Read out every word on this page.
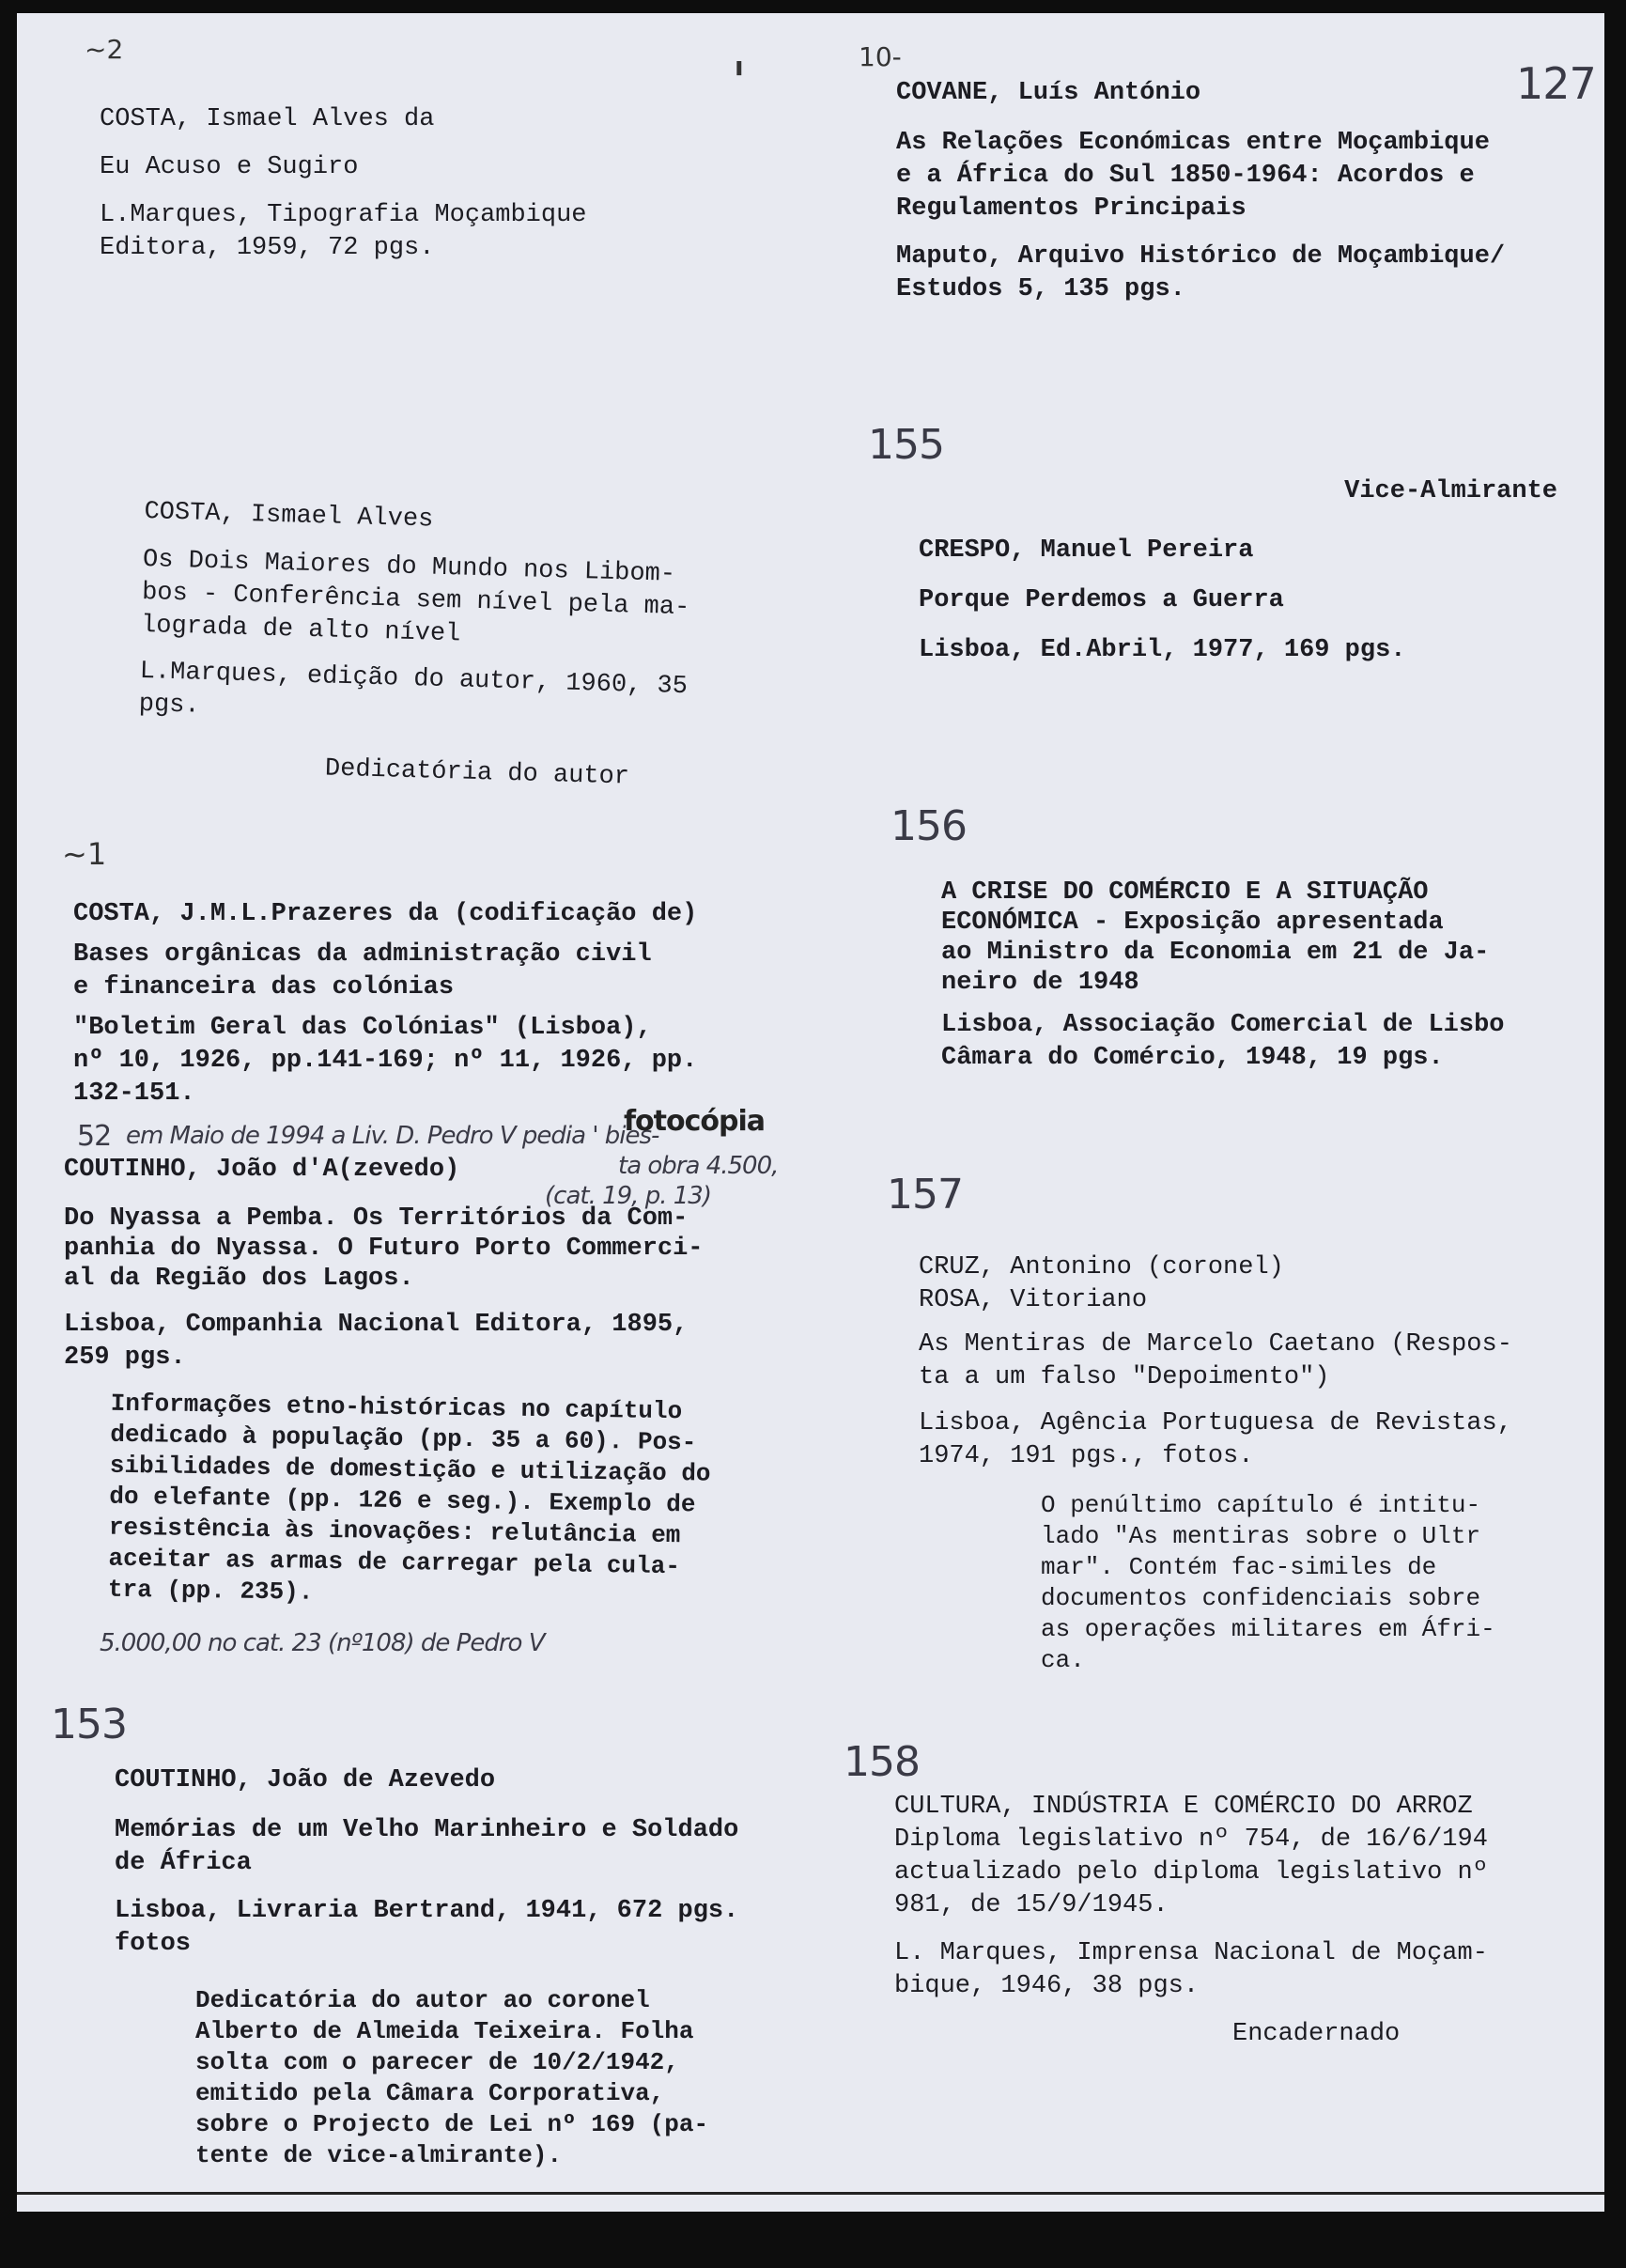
~2
ı	10-
127

COSTA, Ismael Alves da

Eu Acuso e Sugiro

L.Marques, Tipografia Moçambique
Editora, 1959, 72 pgs.

COVANE, Luís António

As Relações Económicas entre Moçambique
e a África do Sul 1850-1964: Acordos e
Regulamentos Principais

Maputo, Arquivo Histórico de Moçambique/
Estudos 5, 135 pgs.

COSTA, Ismael Alves

Os Dois Maiores do Mundo nos Libom-
bos - Conferência sem nível pela ma-
lograda de alto nível

L.Marques, edição do autor, 1960, 35
pgs.

Dedicatória do autor

155

Vice-Almirante

CRESPO, Manuel Pereira

Porque Perdemos a Guerra

Lisboa, Ed.Abril, 1977, 169 pgs.

~1

COSTA, J.M.L.Prazeres da (codificação de)

Bases orgânicas da administração civil
e financeira das colónias

"Boletim Geral das Colónias" (Lisboa),
nº 10, 1926, pp.141-169; nº 11, 1926, pp.
132-151.

156

A CRISE DO COMÉRCIO E A SITUAÇÃO
ECONÓMICA - Exposição apresentada
ao Ministro da Economia em 21 de Ja-
neiro de 1948

Lisboa, Associação Comercial de Lisbo
Câmara do Comércio, 1948, 19 pgs.

52 em Maio de 1994 a Liv. D. Pedro V pedia ' bies-
fotocópia
ta obra 4.500,
(cat. 19, p. 13)

COUTINHO, João d'A(zevedo)

Do Nyassa a Pemba. Os Territórios da Com-
panhia do Nyassa. O Futuro Porto Commerci-
al da Região dos Lagos.

Lisboa, Companhia Nacional Editora, 1895,
259 pgs.

Informações etno-históricas no capítulo
dedicado à população (pp. 35 a 60). Pos-
sibilidades de domestição e utilização do
do elefante (pp. 126 e seg.). Exemplo de
resistência às inovações: relutância em
aceitar as armas de carregar pela cula-
tra (pp. 235).

5.000,00 no cat. 23 (nº108) de Pedro V
157

CRUZ, Antonino (coronel)
ROSA, Vitoriano

As Mentiras de Marcelo Caetano (Respos-
ta a um falso "Depoimento")

Lisboa, Agência Portuguesa de Revistas,
1974, 191 pgs., fotos.

O penúltimo capítulo é intitu-
lado "As mentiras sobre o Ultr
mar". Contém fac-similes de
documentos confidenciais sobre
as operações militares em Áfri-
ca.

153

COUTINHO, João de Azevedo

Memórias de um Velho Marinheiro e Soldado
de África

Lisboa, Livraria Bertrand, 1941, 672 pgs.
fotos

Dedicatória do autor ao coronel
Alberto de Almeida Teixeira. Folha
solta com o parecer de 10/2/1942,
emitido pela Câmara Corporativa,
sobre o Projecto de Lei nº 169 (pa-
tente de vice-almirante).

158

CULTURA, INDÚSTRIA E COMÉRCIO DO ARROZ

Diploma legislativo nº 754, de 16/6/194
actualizado pelo diploma legislativo nº
981, de 15/9/1945.

L. Marques, Imprensa Nacional de Moçam-
bique, 1946, 38 pgs.

Encadernado
